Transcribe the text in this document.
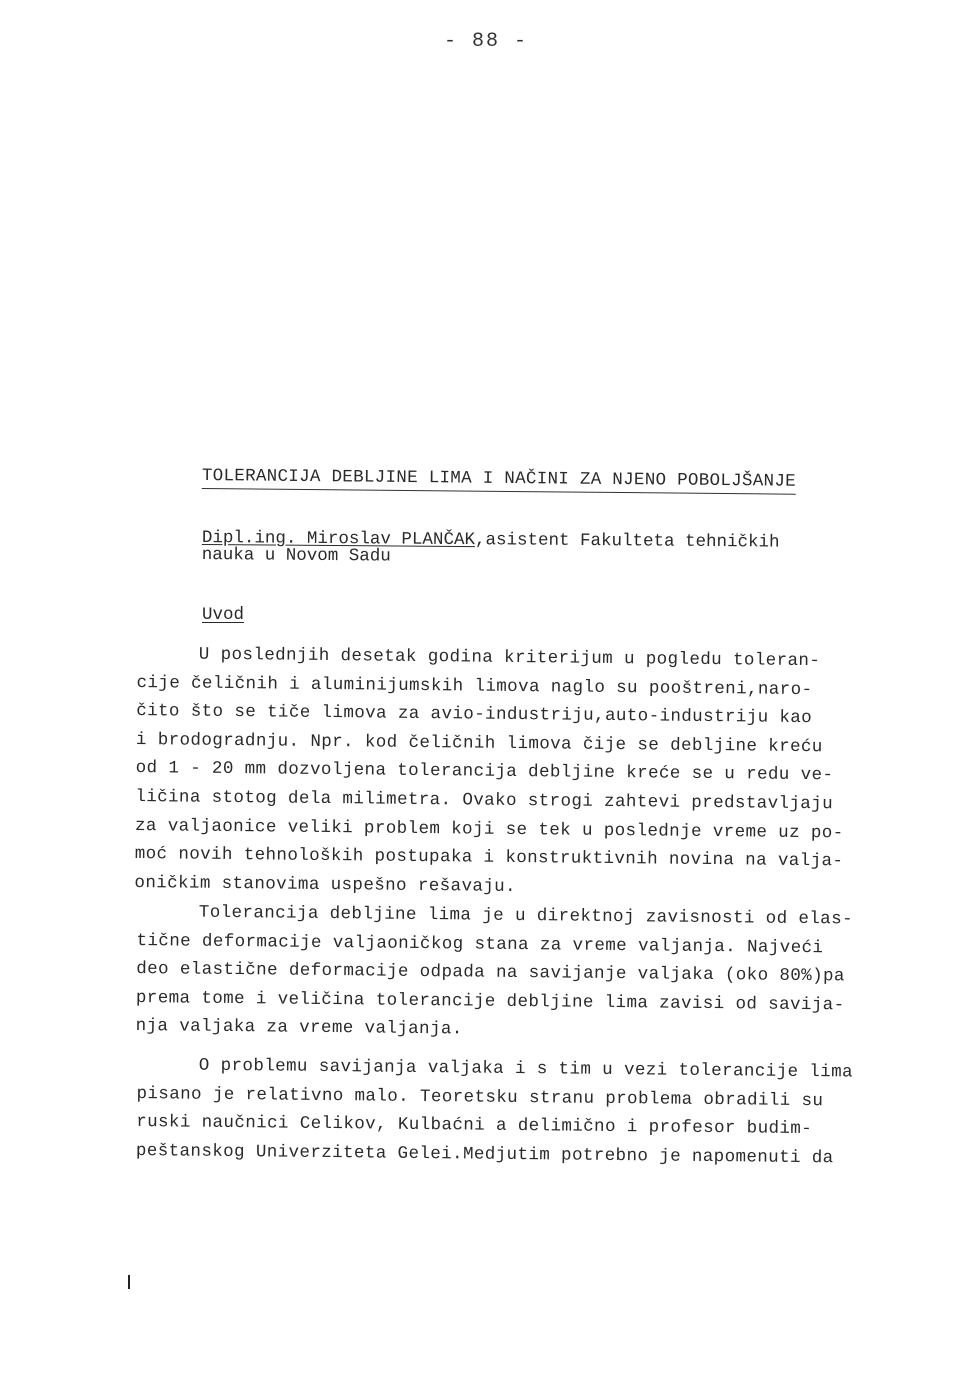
- 88 -
TOLERANCIJA DEBLJINE LIMA I NAČINI ZA NJENO POBOLJŠANJE
Dipl.ing. Miroslav PLANČAK,asistent Fakulteta tehničkih
nauka u Novom Sadu
Uvod
U poslednjih desetak godina kriterijum u pogledu toleran-
cije čeličnih i aluminijumskih limova naglo su pooštreni,naro-
čito što se tiče limova za avio-industriju,auto-industriju kao
i brodogradnju. Npr. kod čeličnih limova čije se debljine kreću
od 1 - 20 mm dozvoljena tolerancija debljine kreće se u redu ve-
ličina stotog dela milimetra. Ovako strogi zahtevi predstavljaju
za valjaonice veliki problem koji se tek u poslednje vreme uz po-
moć novih tehnoloških postupaka i konstruktivnih novina na valja-
oničkim stanovima uspešno rešavaju.
Tolerancija debljine lima je u direktnoj zavisnosti od elas-
tične deformacije valjaoničkog stana za vreme valjanja. Najveći
deo elastične deformacije odpada na savijanje valjaka (oko 80%)pa
prema tome i veličina tolerancije debljine lima zavisi od savija-
nja valjaka za vreme valjanja.
O problemu savijanja valjaka i s tim u vezi tolerancije lima
pisano je relativno malo. Teoretsku stranu problema obradili su
ruski naučnici Celikov, Kulbaćni a delimično i profesor budim-
peštanskog Univerziteta Gelei.Medjutim potrebno je napomenuti da
